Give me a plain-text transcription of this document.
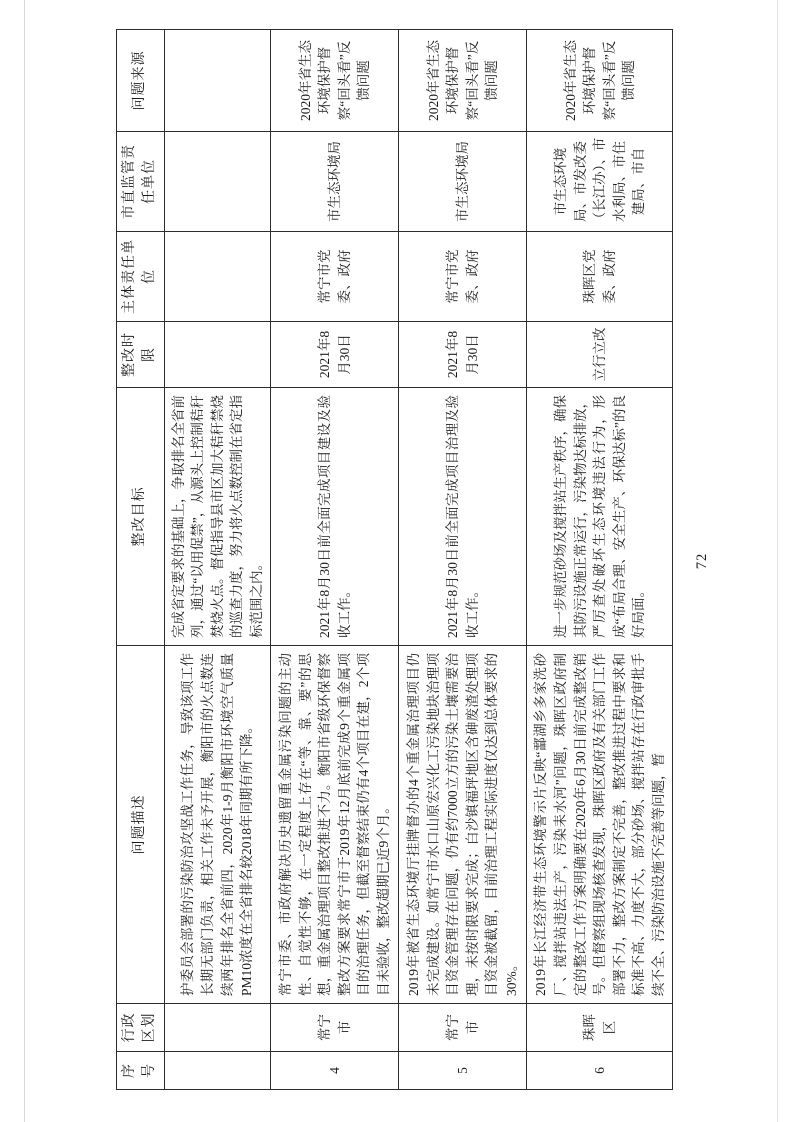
序号	行政区划	问题描述	整改目标	整改时限	主体责任单位	市直监管责任单位	问题来源
		护委员会部署的污染防治攻坚战工作任务，导致该项工作长期无部门负责，相关工作未予开展，衡阳市的火点数连续两年排名全省前四，2020年1-9月衡阳市环境空气质量PM10浓度在全省排名较2018年同期有所下降。	完成省定要求的基础上，争取排名全省前列，通过“以用促禁”，从源头上控制秸秆焚烧火点。督促指导县市区加大秸秆禁烧的巡查力度，努力将火点数控制在省定指标范围之内。				
4	常宁市	常宁市委、市政府解决历史遗留重金属污染问题的主动性、自觉性不够，在一定程度上存在“等、靠、要”的思想，重金属治理项目整改推进不力。衡阳市省级环保督察整改方案要求常宁市于2019年12月底前完成9个重金属项目的治理任务，但截至督察结束仍有4个项目在建，2个项目未验收，整改超期已近9个月。	2021年8月30日前全面完成项目建设及验收工作。	2021年8月30日	常宁市党委、政府	市生态环境局	2020年省生态环境保护督察“回头看”反馈问题
5	常宁市	2019年被省生态环境厅挂牌督办的4个重金属治理项目仍未完成建设。如常宁市水口山原宏兴化工污染地块治理项目资金管理存在问题，仍有约7000立方的污染土壤需要治理，未按时限要求完成；白沙镇福坪地区含砷废渣处理项目资金被截留，目前治理工程实际进度仅达到总体要求的30%。	2021年8月30日前全面完成项目治理及验收工作。	2021年8月30日	常宁市党委、政府	市生态环境局	2020年省生态环境保护督察“回头看”反馈问题
6	珠晖区	2019年长江经济带生态环境警示片反映“酃湖乡多家洗砂厂、搅拌站违法生产，污染耒水河”问题，珠晖区政府制定的整改工作方案明确要在2020年6月30日前完成整改销号。但督察组现场核查发现，珠晖区政府及有关部门工作部署不力，整改方案制定不完善，整改推进过程中要求和标准不高、力度不大，部分砂场、搅拌站存在行政审批手续不全、污染防治设施不完善等问题，暂	进一步规范砂场及搅拌站生产秩序，确保其防污设施正常运行，污染物达标排放，严厉查处破坏生态环境违法行为，形成“布局合理、安全生产、环保达标”的良好局面。	立行立改	珠晖区党委、政府	市生态环境局、市发改委（长江办）、市水利局、市住建局、市自	2020年省生态环境保护督察“回头看”反馈问题
72
